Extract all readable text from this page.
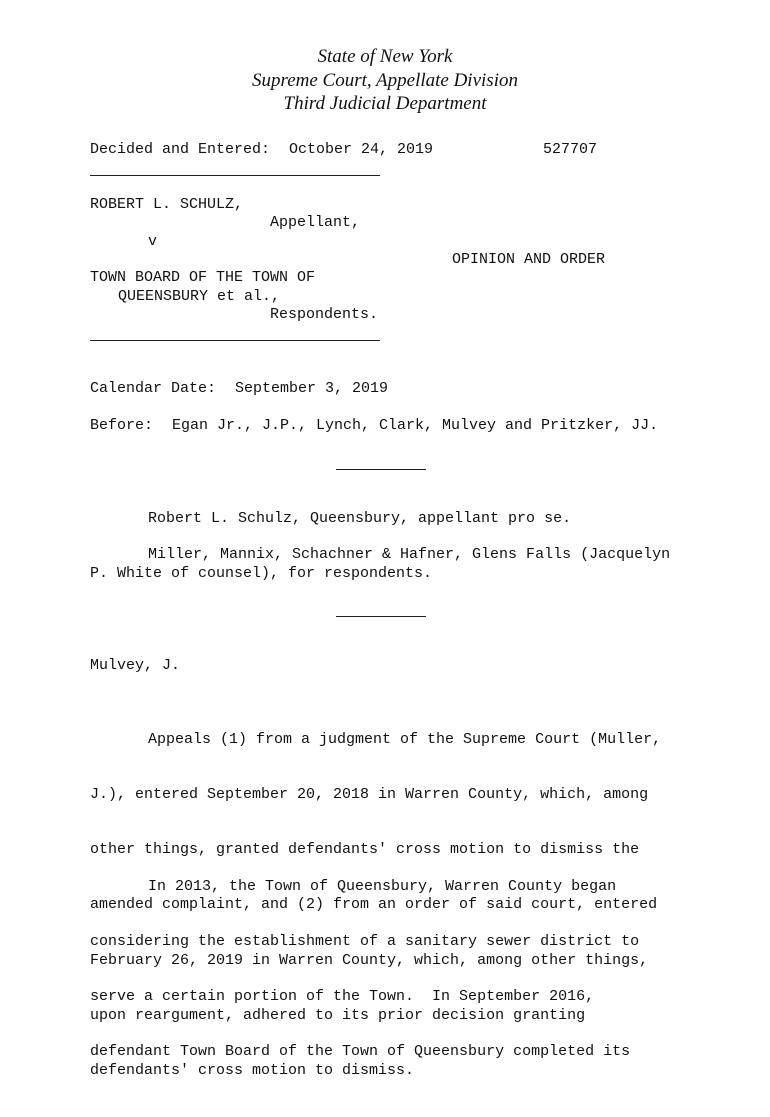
State of New York
Supreme Court, Appellate Division
Third Judicial Department
Decided and Entered: October 24, 2019	527707
ROBERT L. SCHULZ,
Appellant,
v
OPINION AND ORDER
TOWN BOARD OF THE TOWN OF
QUEENSBURY et al.,
Respondents.
Calendar Date: September 3, 2019
Before: Egan Jr., J.P., Lynch, Clark, Mulvey and Pritzker, JJ.
Robert L. Schulz, Queensbury, appellant pro se.
Miller, Mannix, Schachner & Hafner, Glens Falls (Jacquelyn
P. White of counsel), for respondents.
Mulvey, J.

Appeals (1) from a judgment of the Supreme Court (Muller,

J.), entered September 20, 2018 in Warren County, which, among

other things, granted defendants' cross motion to dismiss the

amended complaint, and (2) from an order of said court, entered

February 26, 2019 in Warren County, which, among other things,

upon reargument, adhered to its prior decision granting

defendants' cross motion to dismiss.

In 2013, the Town of Queensbury, Warren County began

considering the establishment of a sanitary sewer district to

serve a certain portion of the Town.  In September 2016,

defendant Town Board of the Town of Queensbury completed its
